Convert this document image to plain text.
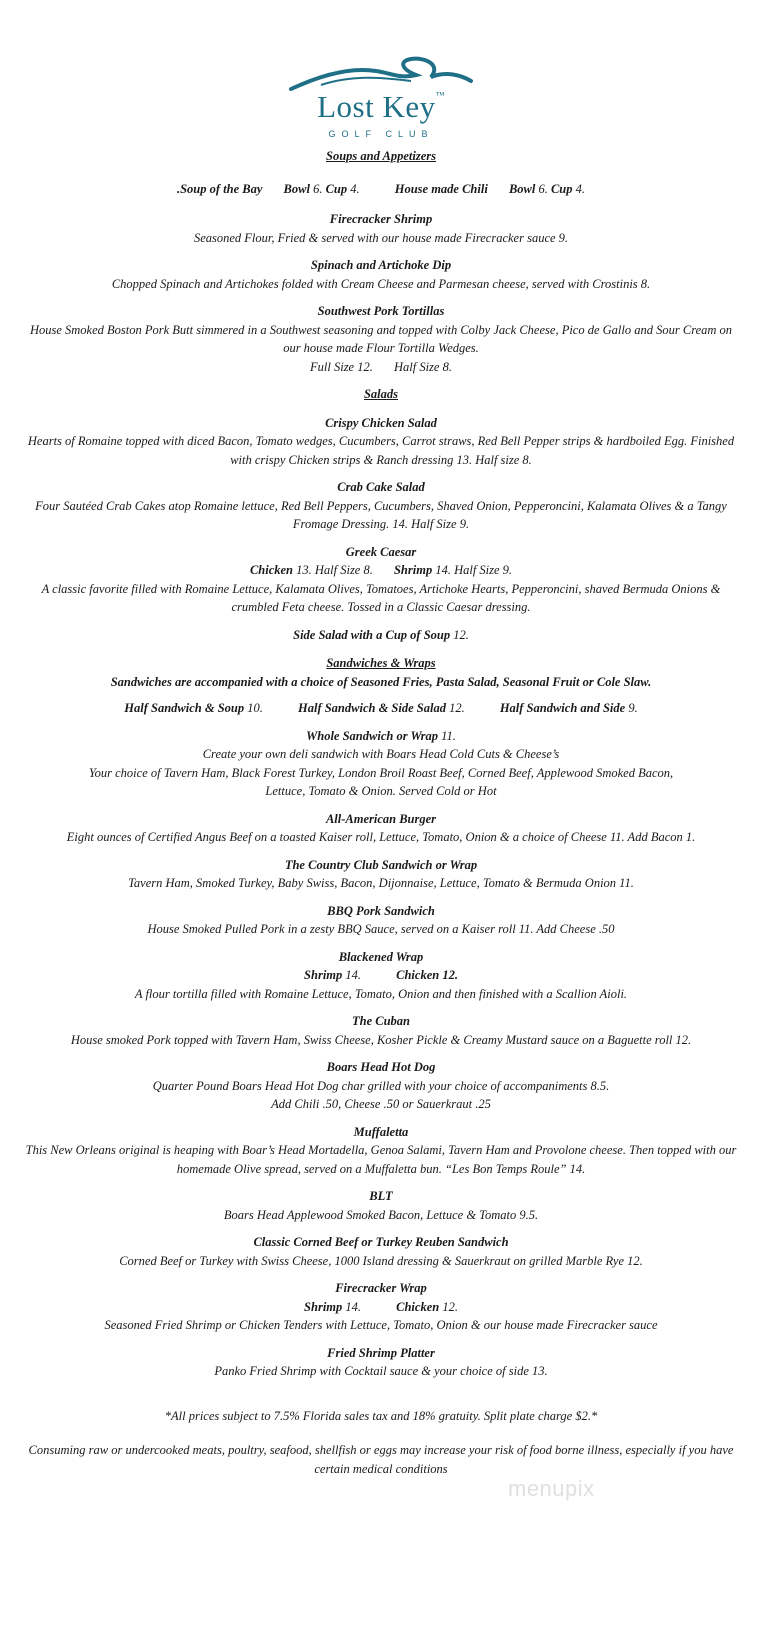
Lost Key™
GOLF CLUB
Soups and Appetizers
.Soup of the Bay Bowl 6. Cup 4.	House made Chili Bowl 6. Cup 4.
Firecracker Shrimp
Seasoned Flour, Fried & served with our house made Firecracker sauce 9.
Spinach and Artichoke Dip
Chopped Spinach and Artichokes folded with Cream Cheese and Parmesan cheese, served with Crostinis 8.
Southwest Pork Tortillas
House Smoked Boston Pork Butt simmered in a Southwest seasoning and topped with Colby Jack Cheese, Pico de Gallo and Sour Cream on our house made Flour Tortilla Wedges.
Full Size 12. Half Size 8.
Salads
Crispy Chicken Salad
Hearts of Romaine topped with diced Bacon, Tomato wedges, Cucumbers, Carrot straws, Red Bell Pepper strips & hardboiled Egg. Finished with crispy Chicken strips & Ranch dressing 13. Half size 8.
Crab Cake Salad
Four Sautéed Crab Cakes atop Romaine lettuce, Red Bell Peppers, Cucumbers, Shaved Onion, Pepperoncini, Kalamata Olives & a Tangy Fromage Dressing. 14. Half Size 9.
Greek Caesar
Chicken 13. Half Size 8. Shrimp 14. Half Size 9.
A classic favorite filled with Romaine Lettuce, Kalamata Olives, Tomatoes, Artichoke Hearts, Pepperoncini, shaved Bermuda Onions & crumbled Feta cheese. Tossed in a Classic Caesar dressing.
Side Salad with a Cup of Soup 12.
Sandwiches & Wraps
Sandwiches are accompanied with a choice of Seasoned Fries, Pasta Salad, Seasonal Fruit or Cole Slaw.
Half Sandwich & Soup 10.	Half Sandwich & Side Salad 12.	Half Sandwich and Side 9.
Whole Sandwich or Wrap 11.
Create your own deli sandwich with Boars Head Cold Cuts & Cheese’s
Your choice of Tavern Ham, Black Forest Turkey, London Broil Roast Beef, Corned Beef, Applewood Smoked Bacon,
Lettuce, Tomato & Onion. Served Cold or Hot
All-American Burger
Eight ounces of Certified Angus Beef on a toasted Kaiser roll, Lettuce, Tomato, Onion & a choice of Cheese 11. Add Bacon 1.
The Country Club Sandwich or Wrap
Tavern Ham, Smoked Turkey, Baby Swiss, Bacon, Dijonnaise, Lettuce, Tomato & Bermuda Onion 11.
BBQ Pork Sandwich
House Smoked Pulled Pork in a zesty BBQ Sauce, served on a Kaiser roll 11. Add Cheese .50
Blackened Wrap
Shrimp 14.	Chicken 12.
A flour tortilla filled with Romaine Lettuce, Tomato, Onion and then finished with a Scallion Aioli.
The Cuban
House smoked Pork topped with Tavern Ham, Swiss Cheese, Kosher Pickle & Creamy Mustard sauce on a Baguette roll 12.
Boars Head Hot Dog
Quarter Pound Boars Head Hot Dog char grilled with your choice of accompaniments 8.5.
Add Chili .50, Cheese .50 or Sauerkraut .25
Muffaletta
This New Orleans original is heaping with Boar’s Head Mortadella, Genoa Salami, Tavern Ham and Provolone cheese. Then topped with our homemade Olive spread, served on a Muffaletta bun. “Les Bon Temps Roule” 14.
BLT
Boars Head Applewood Smoked Bacon, Lettuce & Tomato 9.5.
Classic Corned Beef or Turkey Reuben Sandwich
Corned Beef or Turkey with Swiss Cheese, 1000 Island dressing & Sauerkraut on grilled Marble Rye 12.
Firecracker Wrap
Shrimp 14.	Chicken 12.
Seasoned Fried Shrimp or Chicken Tenders with Lettuce, Tomato, Onion & our house made Firecracker sauce
Fried Shrimp Platter
Panko Fried Shrimp with Cocktail sauce & your choice of side 13.
*All prices subject to 7.5% Florida sales tax and 18% gratuity. Split plate charge $2.*
Consuming raw or undercooked meats, poultry, seafood, shellfish or eggs may increase your risk of food borne illness, especially if you have certain medical conditions
menupix
